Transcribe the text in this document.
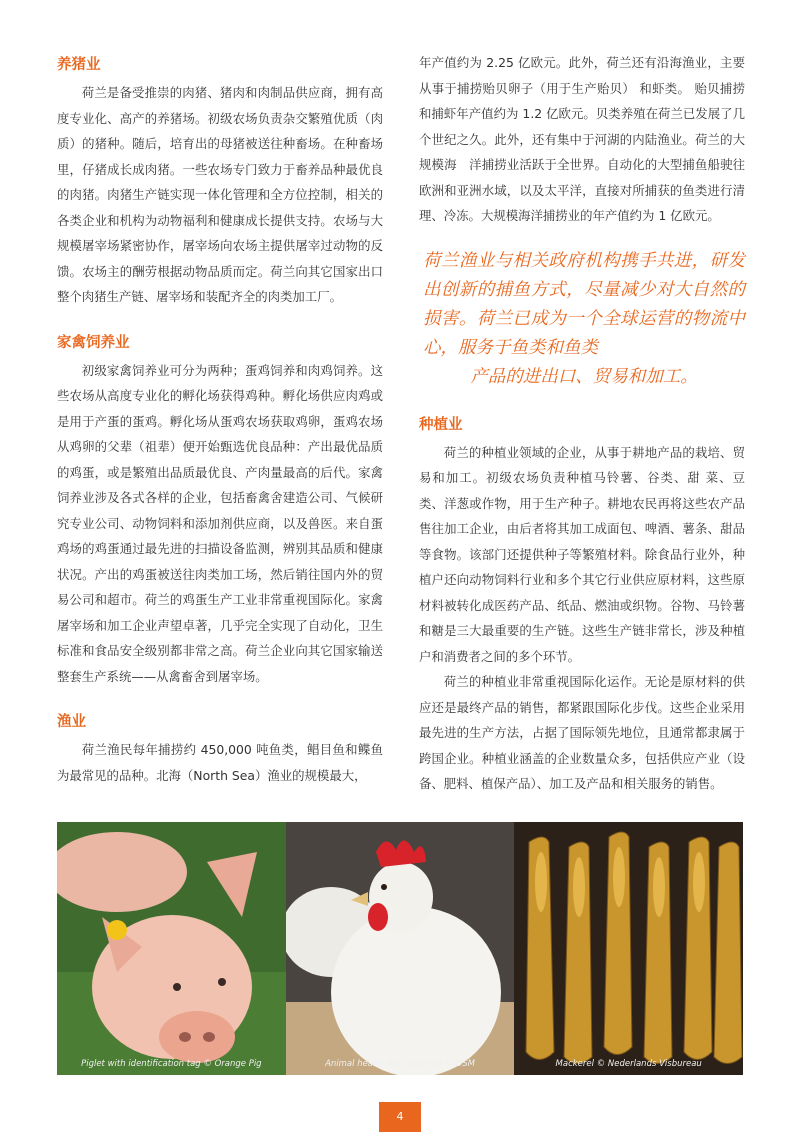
养猪业

荷兰是备受推崇的肉猪、猪肉和肉制品供应商，拥有高度专业化、高产的养猪场。初级农场负责杂交繁殖优质（肉质）的猪种。随后，培育出的母猪被送往种畜场。在种畜场里，仔猪成长成肉猪。一些农场专门致力于畜养品种最优良的肉猪。肉猪生产链实现一体化管理和全方位控制，相关的各类企业和机构为动物福利和健康成长提供支持。农场与大规模屠宰场紧密协作，屠宰场向农场主提供屠宰过动物的反馈。农场主的酬劳根据动物品质而定。荷兰向其它国家出口整个肉猪生产链、屠宰场和装配齐全的肉类加工厂。

家禽饲养业

初级家禽饲养业可分为两种；蛋鸡饲养和肉鸡饲养。这些农场从高度专业化的孵化场获得鸡种。孵化场供应肉鸡或是用于产蛋的蛋鸡。孵化场从蛋鸡农场获取鸡卵，蛋鸡农场从鸡卵的父辈（祖辈）便开始甄选优良品种：产出最优品质的鸡蛋，或是繁殖出品质最优良、产肉量最高的后代。家禽饲养业涉及各式各样的企业，包括畜禽舍建造公司、气候研究专业公司、动物饲料和添加剂供应商，以及兽医。来自蛋鸡场的鸡蛋通过最先进的扫描设备监测，辨别其品质和健康状况。产出的鸡蛋被送往肉类加工场，然后销往国内外的贸易公司和超市。荷兰的鸡蛋生产工业非常重视国际化。家禽屠宰场和加工企业声望卓著，几乎完全实现了自动化，卫生标准和食品安全级别都非常之高。荷兰企业向其它国家输送整套生产系统——从禽畜舍到屠宰场。

渔业

荷兰渔民每年捕捞约 450,000 吨鱼类，鲳目鱼和鲽鱼为最常见的品种。北海（North Sea）渔业的规模最大，

年产值约为 2.25 亿欧元。此外，荷兰还有沿海渔业，主要从事于捕捞贻贝卵子（用于生产贻贝） 和虾类。 贻贝捕捞和捕虾年产值约为 1.2 亿欧元。贝类养殖在荷兰已发展了几个世纪之久。此外，还有集中于河湖的内陆渔业。荷兰的大规模海　洋捕捞业活跃于全世界。自动化的大型捕鱼船驶往欧洲和亚洲水域，以及太平洋，直接对所捕获的鱼类进行清理、冷冻。大规模海洋捕捞业的年产值约为 1 亿欧元。

荷兰渔业与相关政府机构携手共进，研发出创新的捕鱼方式，尽量减少对大自然的损害。荷兰已成为一个全球运营的物流中心，服务于鱼类和鱼类
产品的进出口、贸易和加工。
种植业

荷兰的种植业领域的企业，从事于耕地产品的栽培、贸易和加工。初级农场负责种植马铃薯、谷类、甜 菜、豆类、洋葱或作物，用于生产种子。耕地农民再将这些农产品售往加工企业，由后者将其加工成面包、啤酒、薯条、甜品等食物。该部门还提供种子等繁殖材料。除食品行业外，种植户还向动物饲料行业和多个其它行业供应原材料，这些原材料被转化成医药产品、纸品、燃油或织物。谷物、马铃薯和糖是三大最重要的生产链。这些生产链非常长，涉及种植户和消费者之间的多个环节。

荷兰的种植业非常重视国际化运作。无论是原材料的供应还是最终产品的销售，都紧跟国际化步伐。这些企业采用最先进的生产方法，占据了国际领先地位，且通常都隶属于跨国企业。种植业涵盖的企业数量众多，包括供应产业（设备、肥料、植保产品）、加工及产品和相关服务的销售。

Piglet with identification tag © Orange Pig	Animal health and nutrition © DSM	Mackerel © Nederlands Visbureau
4
